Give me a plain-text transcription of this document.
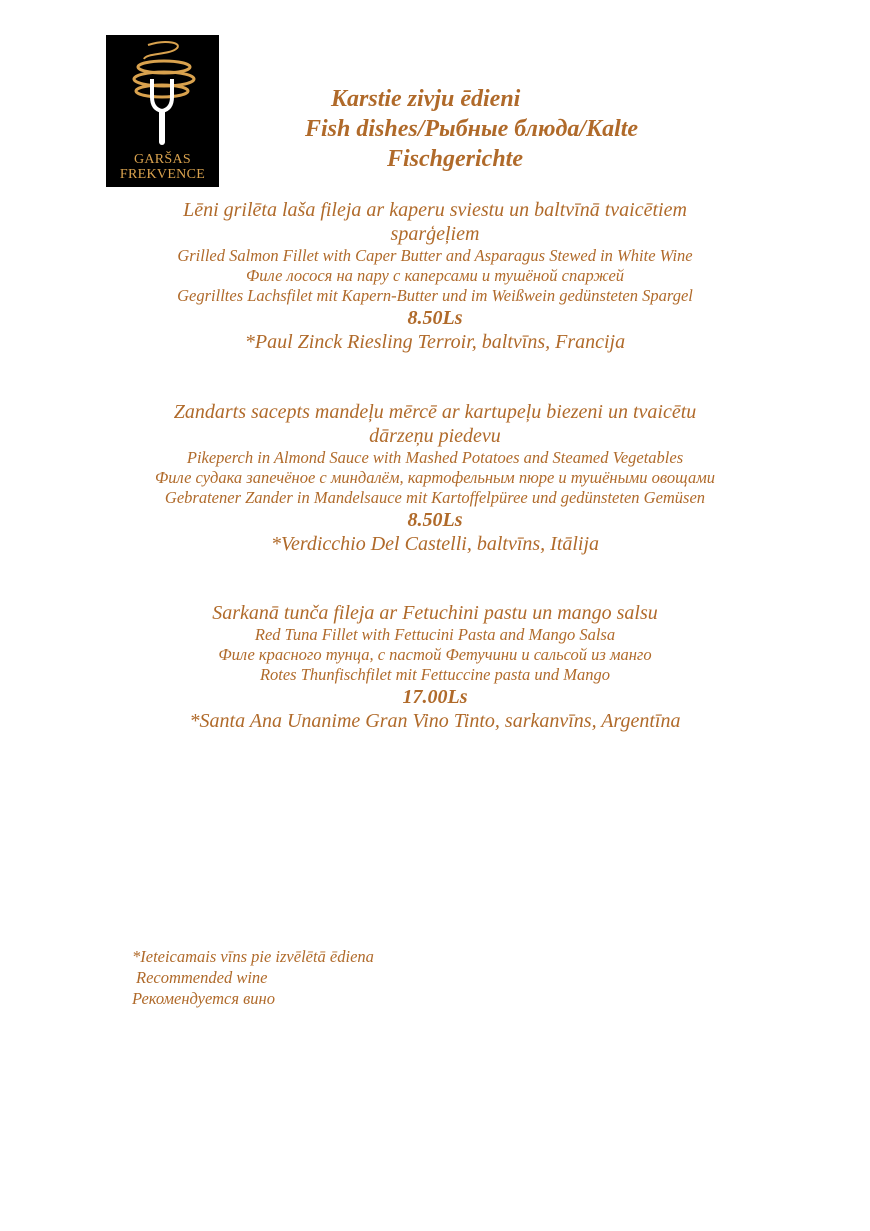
GARŠAS
FREKVENCE
Karstie zivju ēdieni
Fish dishes/Рыбные блюда/Kalte
Fischgerichte
Lēni grilēta laša fileja ar kaperu sviestu un baltvīnā tvaicētiem
sparģeļiem
Grilled Salmon Fillet with Caper Butter and Asparagus Stewed in White Wine
Филе лосося на пару с каперсами и тушёной спаржей
Gegrilltes Lachsfilet mit Kapern-Butter und im Weißwein gedünsteten Spargel
8.50Ls
*Paul Zinck Riesling Terroir, baltvīns, Francija
Zandarts sacepts mandeļu mērcē ar kartupeļu biezeni un tvaicētu
dārzeņu piedevu
Pikeperch in Almond Sauce with Mashed Potatoes and Steamed Vegetables
Филе судака запечёное с миндалём, картофельным пюре и тушёными овощами
Gebratener Zander in Mandelsauce mit Kartoffelpüree und gedünsteten Gemüsen
8.50Ls
*Verdicchio Del Castelli, baltvīns, Itālija
Sarkanā tunča fileja ar Fetuchini pastu un mango salsu
Red Tuna Fillet with Fettucini Pasta and Mango Salsa
Филе красного тунца, с пастой Фетучини и сальсой из манго
Rotes Thunfischfilet mit Fettuccine pasta und Mango
17.00Ls
*Santa Ana Unanime Gran Vino Tinto, sarkanvīns, Argentīna
*Ieteicamais vīns pie izvēlētā ēdiena
Recommended wine
Рекомендуется вино
